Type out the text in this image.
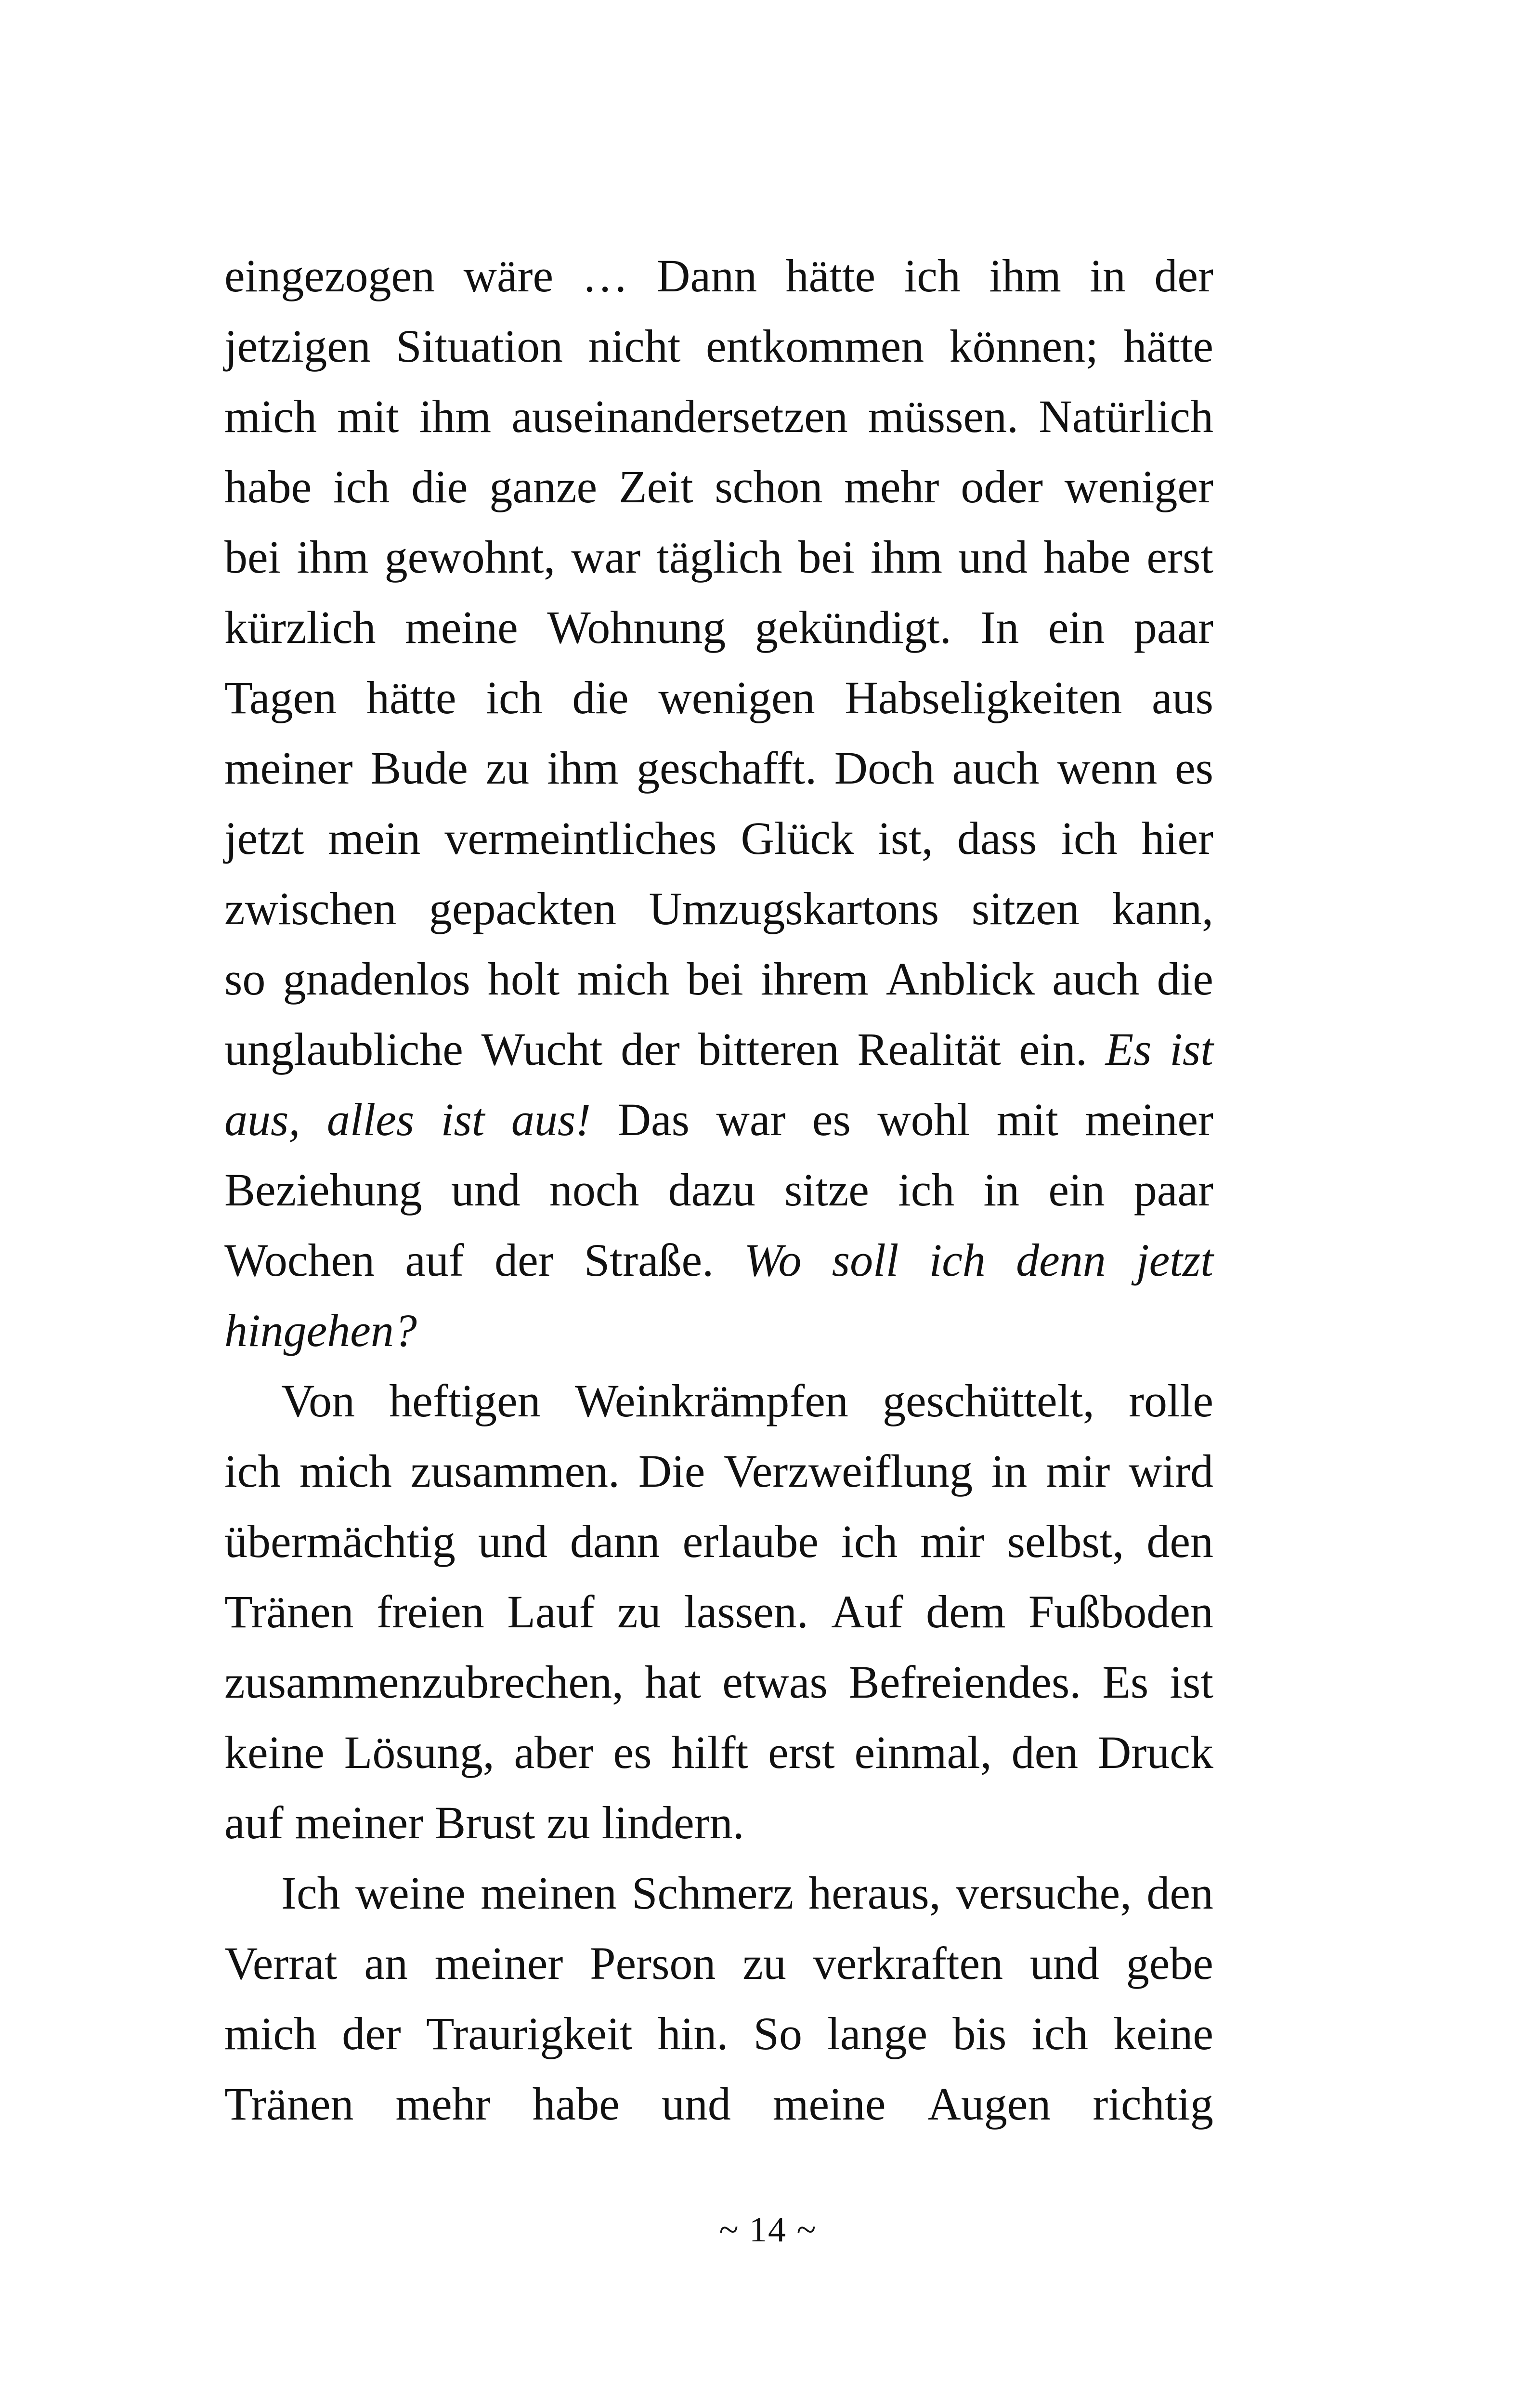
eingezogen wäre … Dann hätte ich ihm in der
jetzigen Situation nicht entkommen können; hätte
mich mit ihm auseinandersetzen müssen. Natürlich
habe ich die ganze Zeit schon mehr oder weniger
bei ihm gewohnt, war täglich bei ihm und habe erst
kürzlich meine Wohnung gekündigt. In ein paar
Tagen hätte ich die wenigen Habseligkeiten aus
meiner Bude zu ihm geschafft. Doch auch wenn es
jetzt mein vermeintliches Glück ist, dass ich hier
zwischen gepackten Umzugskartons sitzen kann,
so gnadenlos holt mich bei ihrem Anblick auch die
unglaubliche Wucht der bitteren Realität ein. Es ist
aus, alles ist aus! Das war es wohl mit meiner
Beziehung und noch dazu sitze ich in ein paar
Wochen auf der Straße. Wo soll ich denn jetzt
hingehen?
Von heftigen Weinkrämpfen geschüttelt, rolle
ich mich zusammen. Die Verzweiflung in mir wird
übermächtig und dann erlaube ich mir selbst, den
Tränen freien Lauf zu lassen. Auf dem Fußboden
zusammenzubrechen, hat etwas Befreiendes. Es ist
keine Lösung, aber es hilft erst einmal, den Druck
auf meiner Brust zu lindern.
Ich weine meinen Schmerz heraus, versuche, den
Verrat an meiner Person zu verkraften und gebe
mich der Traurigkeit hin. So lange bis ich keine
Tränen mehr habe und meine Augen richtig
~ 14 ~
